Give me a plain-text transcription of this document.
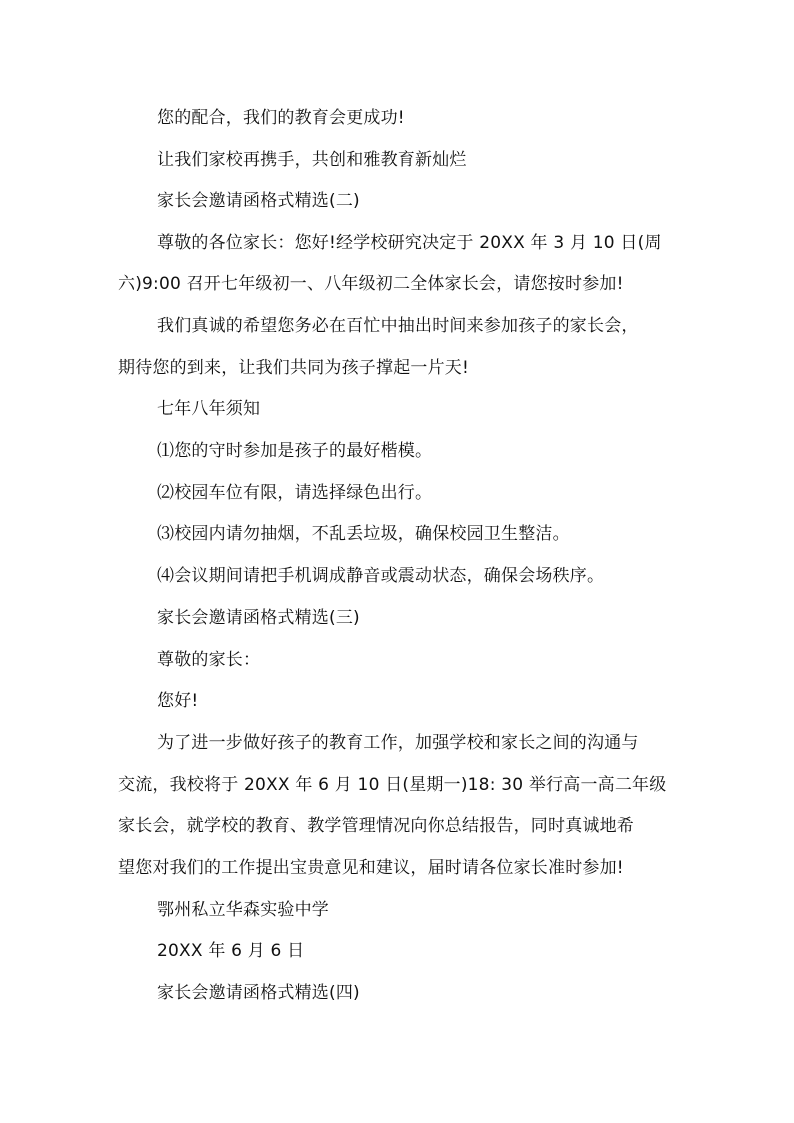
您的配合，我们的教育会更成功!
让我们家校再携手，共创和雅教育新灿烂
家长会邀请函格式精选(二)
尊敬的各位家长：您好!经学校研究决定于 20XX 年 3 月 10 日(周
六)9:00 召开七年级初一、八年级初二全体家长会，请您按时参加!
我们真诚的希望您务必在百忙中抽出时间来参加孩子的家长会，
期待您的到来，让我们共同为孩子撑起一片天!
七年八年须知
⑴您的守时参加是孩子的最好楷模。
⑵校园车位有限，请选择绿色出行。
⑶校园内请勿抽烟，不乱丢垃圾，确保校园卫生整洁。
⑷会议期间请把手机调成静音或震动状态，确保会场秩序。
家长会邀请函格式精选(三)
尊敬的家长：
您好!
为了进一步做好孩子的教育工作，加强学校和家长之间的沟通与
交流，我校将于 20XX 年 6 月 10 日(星期一)18: 30 举行高一高二年级
家长会，就学校的教育、教学管理情况向你总结报告，同时真诚地希
望您对我们的工作提出宝贵意见和建议，届时请各位家长准时参加!
鄂州私立华森实验中学
20XX 年 6 月 6 日
家长会邀请函格式精选(四)
